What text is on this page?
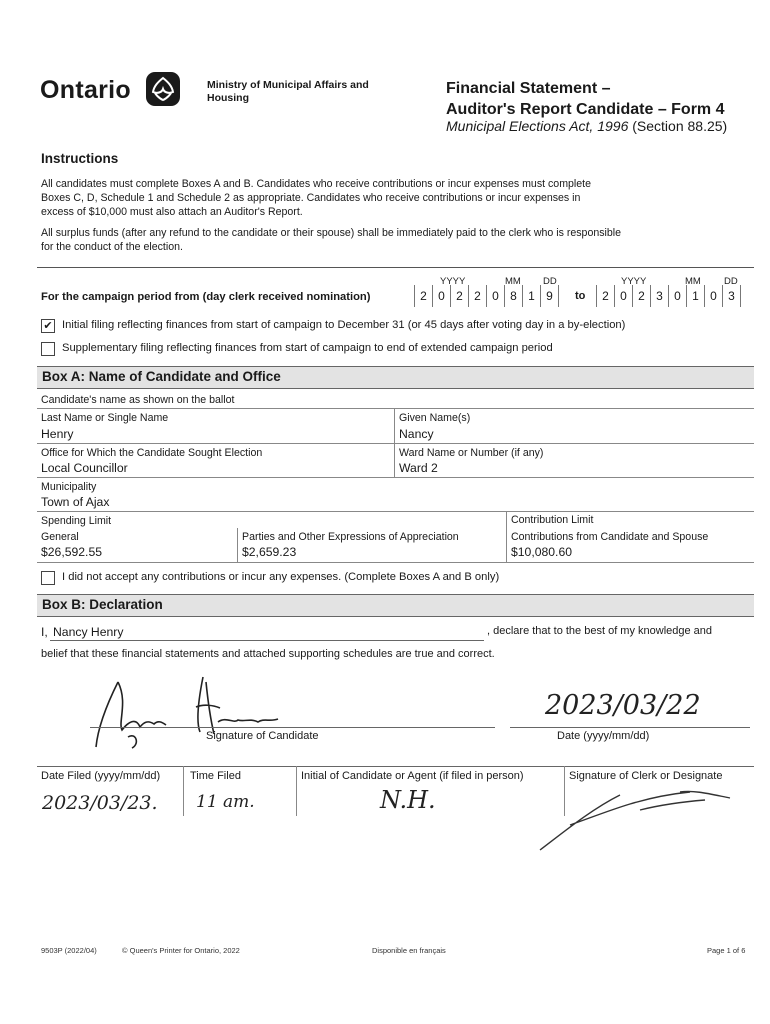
Ontario	Ministry of Municipal Affairs and Housing
Financial Statement –
Auditor's Report Candidate – Form 4
Municipal Elections Act, 1996 (Section 88.25)
Instructions
All candidates must complete Boxes A and B. Candidates who receive contributions or incur expenses must complete
Boxes C, D, Schedule 1 and Schedule 2 as appropriate. Candidates who receive contributions or incur expenses in
excess of $10,000 must also attach an Auditor's Report.
All surplus funds (after any refund to the candidate or their spouse) shall be immediately paid to the clerk who is responsible
for the conduct of the election.
For the campaign period from (day clerk received nomination)
YYYY	MM DD	YYYY	MM DD
2 0 2 2 0 8 1 9	to	2 0 2 3 0 1 0 3
✔ Initial filing reflecting finances from start of campaign to December 31 (or 45 days after voting day in a by-election)
Supplementary filing reflecting finances from start of campaign to end of extended campaign period
Box A: Name of Candidate and Office
Candidate's name as shown on the ballot
Last Name or Single Name
Henry
Given Name(s)
Nancy
Office for Which the Candidate Sought Election
Local Councillor
Ward Name or Number (if any)
Ward 2
Municipality
Town of Ajax
Spending Limit	Contribution Limit
General
$26,592.55
Parties and Other Expressions of Appreciation
$2,659.23
Contributions from Candidate and Spouse
$10,080.60
I did not accept any contributions or incur any expenses. (Complete Boxes A and B only)
Box B: Declaration
I, Nancy Henry	, declare that to the best of my knowledge and
belief that these financial statements and attached supporting schedules are true and correct.
Signature of Candidate
2023/03/22
Date (yyyy/mm/dd)
Date Filed (yyyy/mm/dd)
2023/03/23.
Time Filed
11 am.
Initial of Candidate or Agent (if filed in person)
N.H.
Signature of Clerk or Designate
9503P (2022/04)	© Queen's Printer for Ontario, 2022	Disponible en français	Page 1 of 6
